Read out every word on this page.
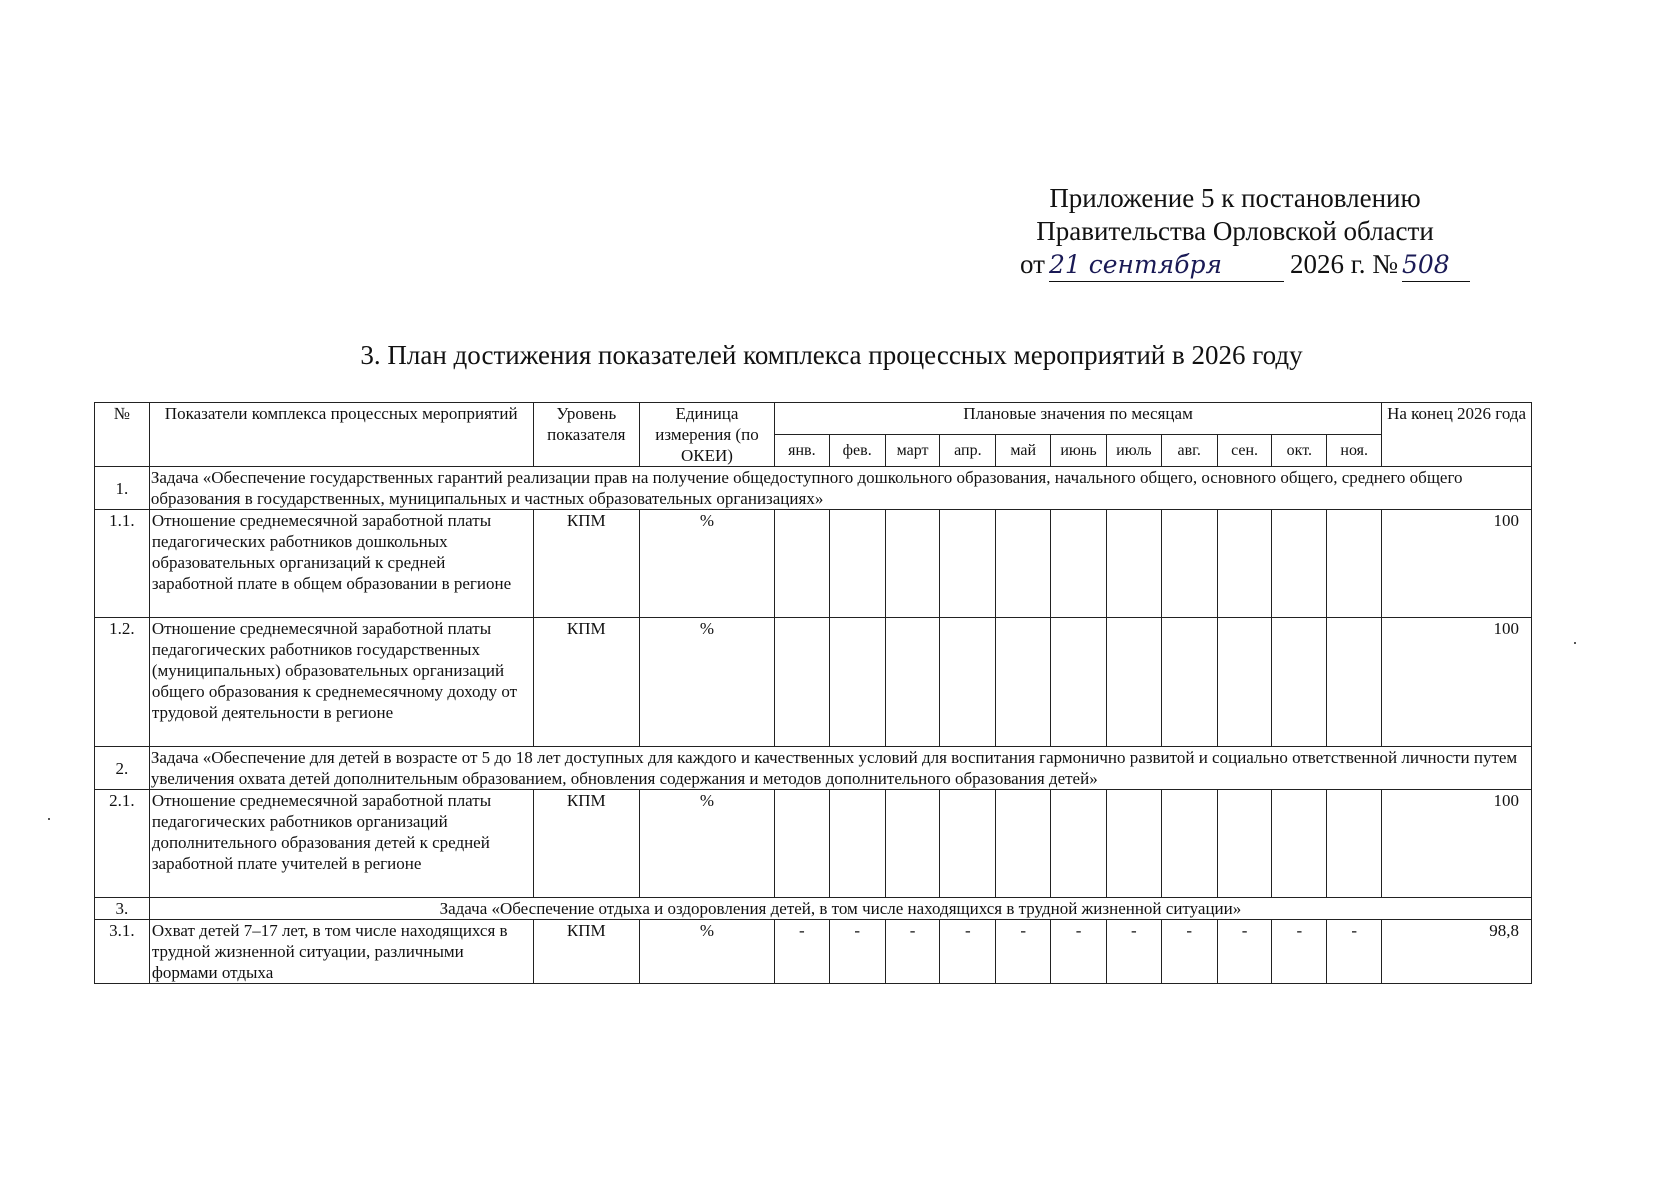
Приложение 5 к постановлению
Правительства Орловской области
от 21 сентября	2026 г. № 508
3. План достижения показателей комплекса процессных мероприятий в 2026 году
№	Показатели комплекса процессных мероприятий	Уровень показателя	Единица измерения (по ОКЕИ)	Плановые значения по месяцам											На конец 2026 года
				янв.	фев.	март	апр.	май	июнь	июль	авг.	сен.	окт.	ноя.	
1.	Задача «Обеспечение государственных гарантий реализации прав на получение общедоступного дошкольного образования, начального общего, основного общего, среднего общего образования в государственных, муниципальных и частных образовательных организациях»														
1.1.	Отношение среднемесячной заработной платы педагогических работников дошкольных образовательных организаций к средней заработной плате в общем образовании в регионе	КПМ	%												100
1.2.	Отношение среднемесячной заработной платы педагогических работников государственных (муниципальных) образовательных организаций общего образования к среднемесячному доходу от трудовой деятельности в регионе	КПМ	%												100
2.	Задача «Обеспечение для детей в возрасте от 5 до 18 лет доступных для каждого и качественных условий для воспитания гармонично развитой и социально ответственной личности путем увеличения охвата детей дополнительным образованием, обновления содержания и методов дополнительного образования детей»														
2.1.	Отношение среднемесячной заработной платы педагогических работников организаций дополнительного образования детей к средней заработной плате учителей в регионе	КПМ	%												100
3.	Задача «Обеспечение отдыха и оздоровления детей, в том числе находящихся в трудной жизненной ситуации»														
3.1.	Охват детей 7–17 лет, в том числе находящихся в трудной жизненной ситуации, различными формами отдыха	КПМ	%	-	-	-	-	-	-	-	-	-	-	-	98,8
